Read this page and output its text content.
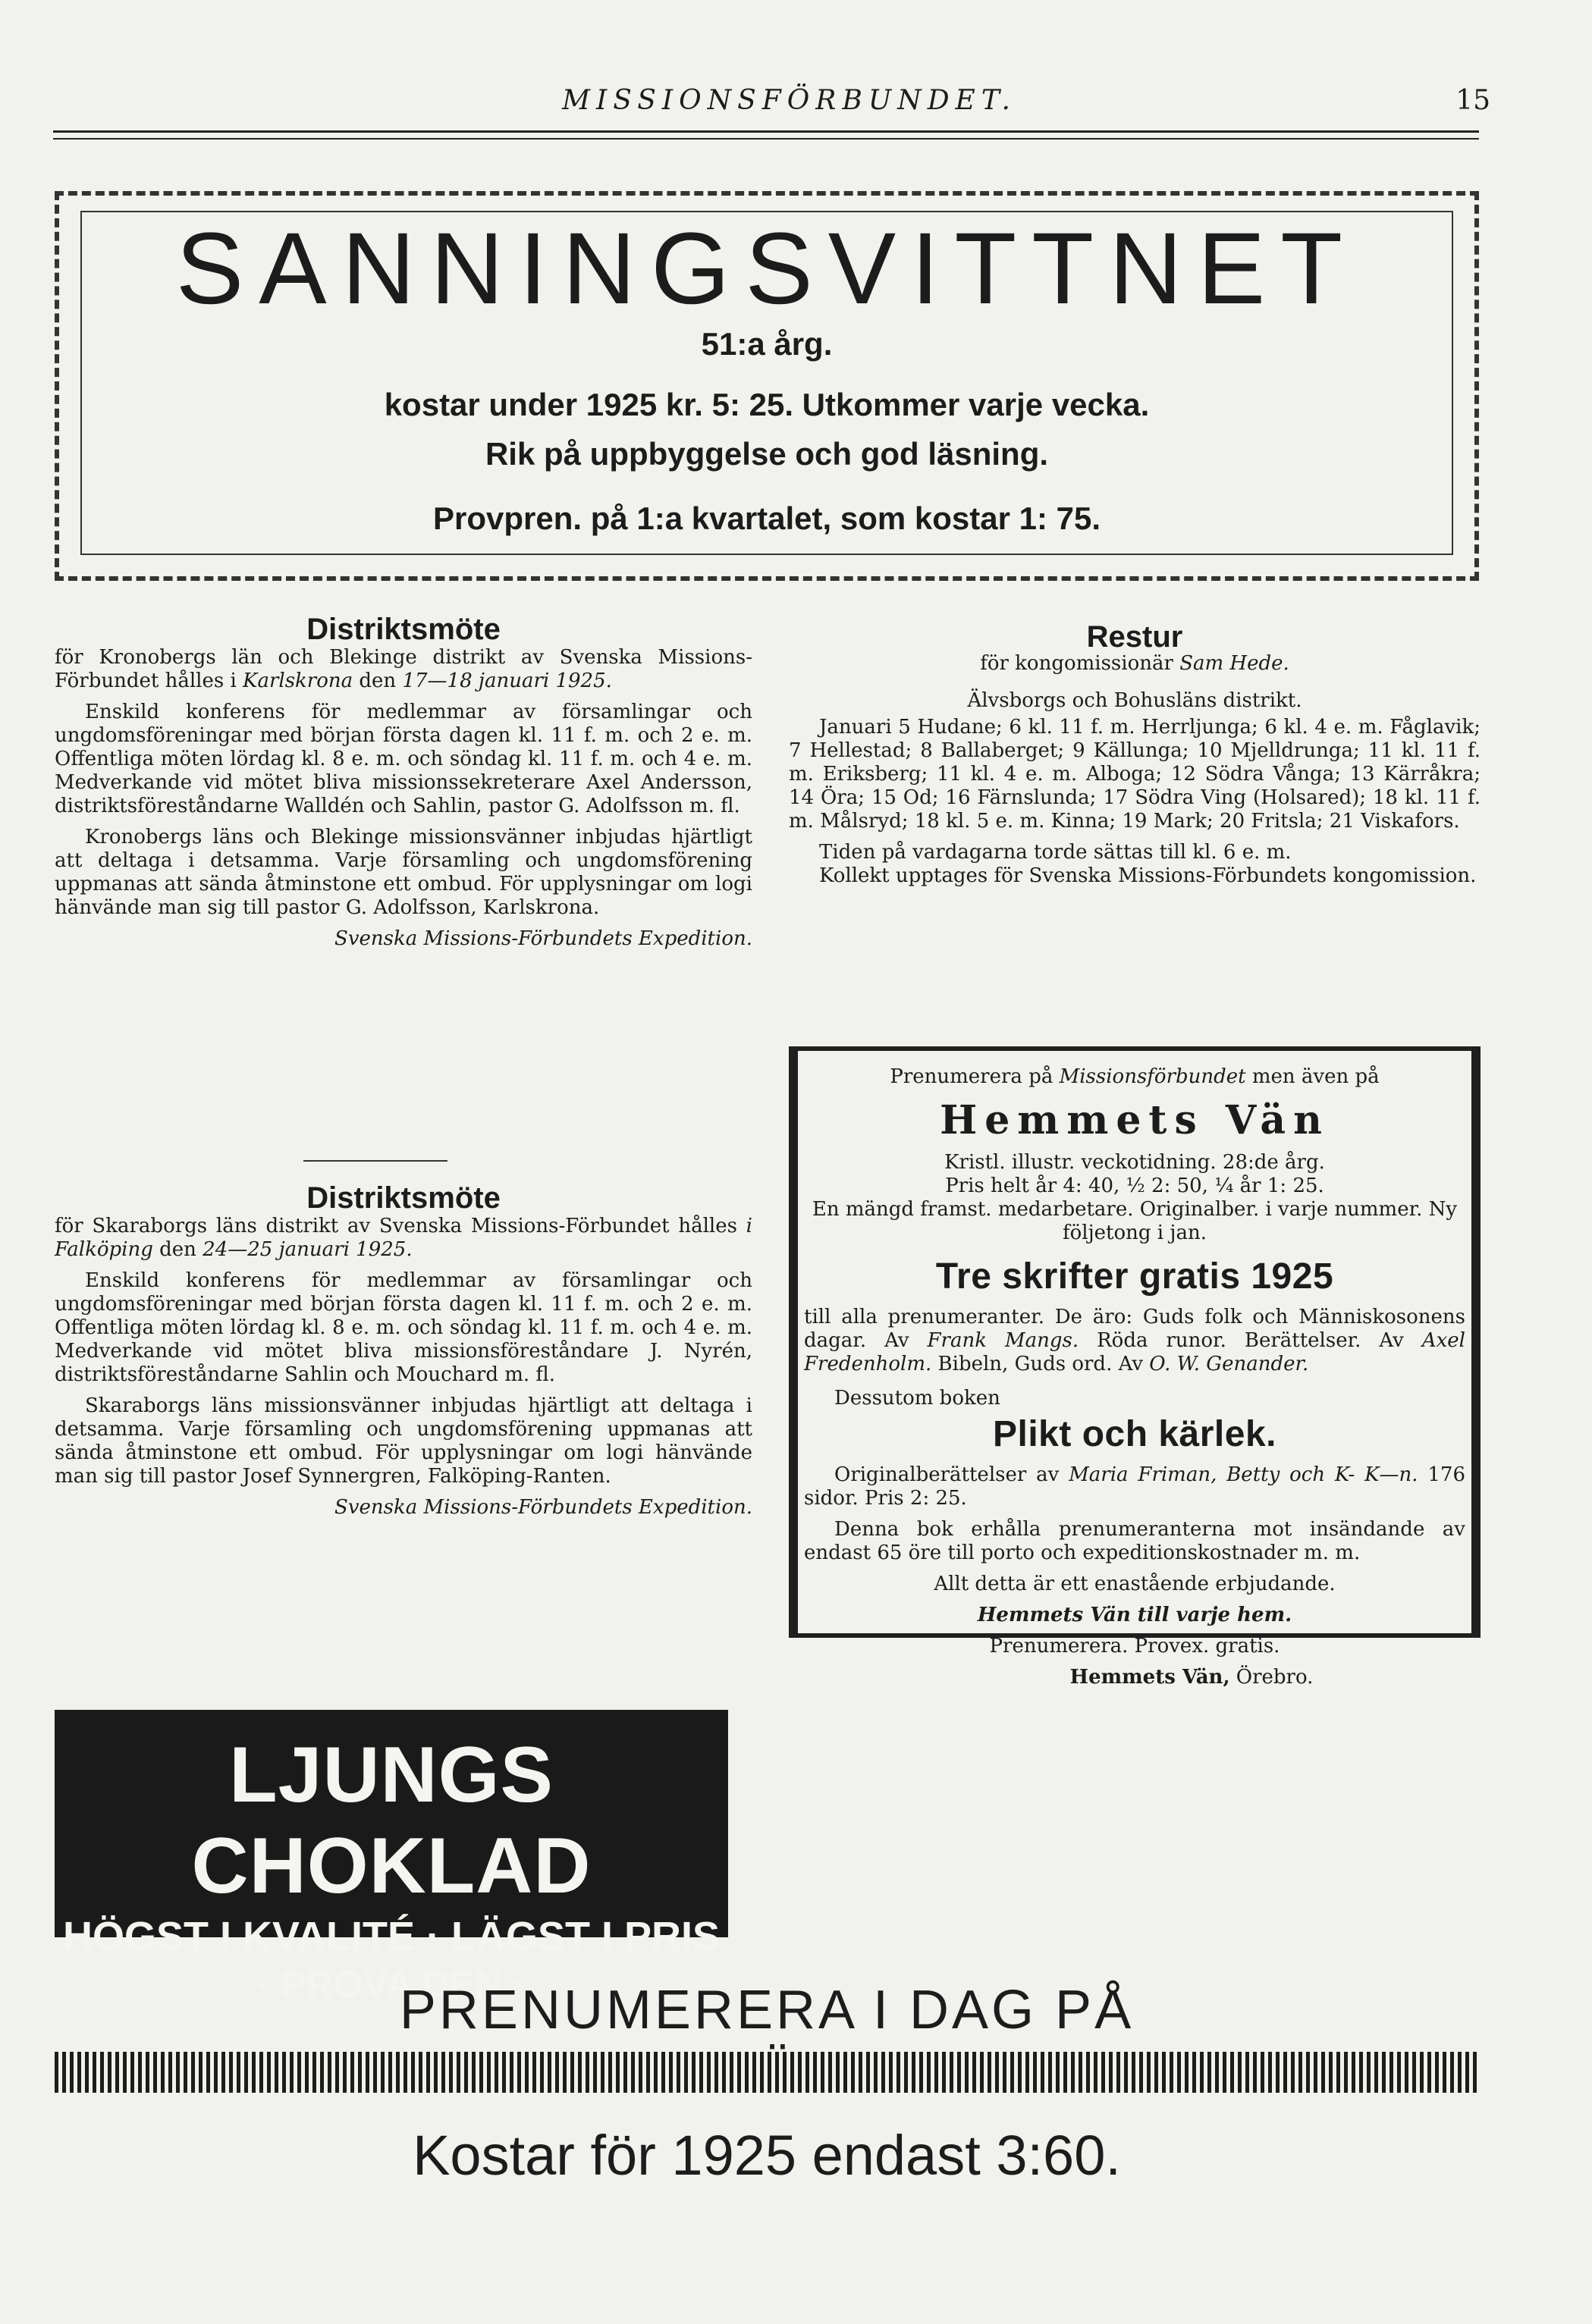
MISSIONSFÖRBUNDET.	15
SANNINGSVITTNET
51:a årg.
kostar under 1925 kr. 5: 25. Utkommer varje vecka.
Rik på uppbyggelse och god läsning.
Provpren. på 1:a kvartalet, som kostar 1: 75.
Distriktsmöte

för Kronobergs län och Blekinge distrikt av Svenska Missions-Förbundet hålles i Karlskrona den 17—18 januari 1925.

Enskild konferens för medlemmar av församlingar och ungdomsföreningar med början första dagen kl. 11 f. m. och 2 e. m. Offentliga möten lördag kl. 8 e. m. och söndag kl. 11 f. m. och 4 e. m. Medverkande vid mötet bliva missionssekreterare Axel Andersson, distriktsföreståndarne Walldén och Sahlin, pastor G. Adolfsson m. fl.

Kronobergs läns och Blekinge missionsvänner inbjudas hjärtligt att deltaga i detsamma. Varje församling och ungdomsförening uppmanas att sända åtminstone ett ombud. För upplysningar om logi hänvände man sig till pastor G. Adolfsson, Karlskrona.

Svenska Missions-Förbundets Expedition.

Distriktsmöte

för Skaraborgs läns distrikt av Svenska Missions-Förbundet hålles i Falköping den 24—25 januari 1925.

Enskild konferens för medlemmar av församlingar och ungdomsföreningar med början första dagen kl. 11 f. m. och 2 e. m. Offentliga möten lördag kl. 8 e. m. och söndag kl. 11 f. m. och 4 e. m. Medverkande vid mötet bliva missionsföreståndare J. Nyrén, distriktsföreståndarne Sahlin och Mouchard m. fl.

Skaraborgs läns missionsvänner inbjudas hjärtligt att deltaga i detsamma. Varje församling och ungdomsförening uppmanas att sända åtminstone ett ombud. För upplysningar om logi hänvände man sig till pastor Josef Synnergren, Falköping-Ranten.

Svenska Missions-Förbundets Expedition.

LJUNGS CHOKLAD
HÖGST I KVALITÉ · LÄGST I PRIS
· PROVA DEN ·
Restur

för kongomissionär Sam Hede.

Älvsborgs och Bohusläns distrikt.

Januari 5 Hudane; 6 kl. 11 f. m. Herrljunga; 6 kl. 4 e. m. Fåglavik; 7 Hellestad; 8 Ballaberget; 9 Källunga; 10 Mjelldrunga; 11 kl. 11 f. m. Eriksberg; 11 kl. 4 e. m. Alboga; 12 Södra Vånga; 13 Kärråkra; 14 Öra; 15 Od; 16 Färnslunda; 17 Södra Ving (Holsared); 18 kl. 11 f. m. Målsryd; 18 kl. 5 e. m. Kinna; 19 Mark; 20 Fritsla; 21 Viskafors.

Tiden på vardagarna torde sättas till kl. 6 e. m.

Kollekt upptages för Svenska Missions-Förbundets kongomission.

Prenumerera på Missionsförbundet men även på

Hemmets Vän

Kristl. illustr. veckotidning. 28:de årg.

Pris helt år 4: 40, ½ 2: 50, ¼ år 1: 25.

En mängd framst. medarbetare. Originalber. i varje nummer. Ny följetong i jan.

Tre skrifter gratis 1925

till alla prenumeranter. De äro: Guds folk och Människosonens dagar. Av Frank Mangs. Röda runor. Berättelser. Av Axel Fredenholm. Bibeln, Guds ord. Av O. W. Genander.

Dessutom boken

Plikt och kärlek.

Originalberättelser av Maria Friman, Betty och K- K—n. 176 sidor. Pris 2: 25.

Denna bok erhålla prenumeranterna mot insändande av endast 65 öre till porto och expeditionskostnader m. m.

Allt detta är ett enastående erbjudande.

Hemmets Vän till varje hem.

Prenumerera. Provex. gratis.

Hemmets Vän, Örebro.

PRENUMERERA I DAG PÅ
Kostar för 1925 endast 3:60.
